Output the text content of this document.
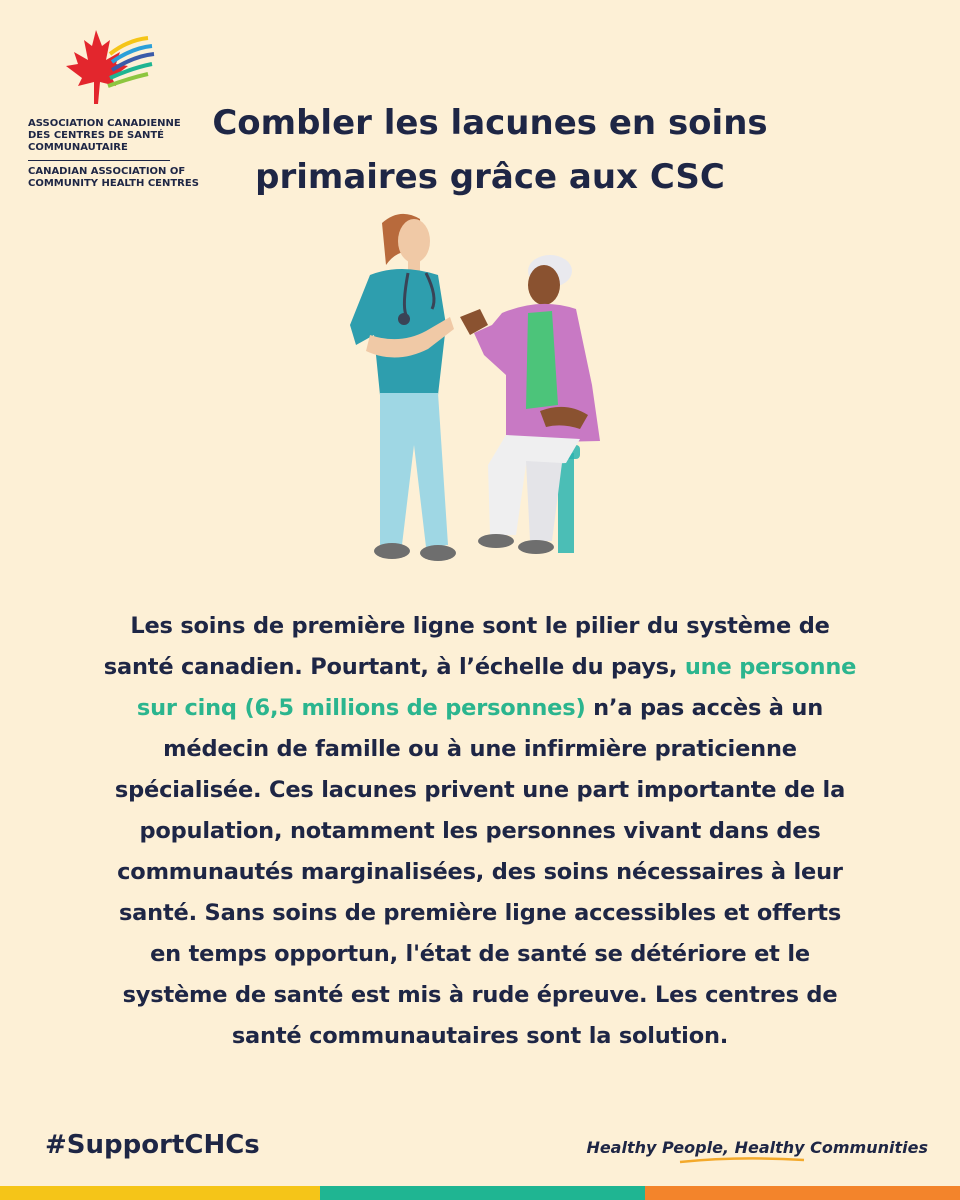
ASSOCIATION CANADIENNE DES CENTRES DE SANTÉ COMMUNAUTAIRE
CANADIAN ASSOCIATION OF COMMUNITY HEALTH CENTRES
Combler les lacunes en soins
primaires grâce aux CSC
Les soins de première ligne sont le pilier du système de santé canadien. Pourtant, à l’échelle du pays, une personne sur cinq (6,5 millions de personnes) n’a pas accès à un médecin de famille ou à une infirmière praticienne spécialisée. Ces lacunes privent une part importante de la population, notamment les personnes vivant dans des communautés marginalisées, des soins nécessaires à leur santé. Sans soins de première ligne accessibles et offerts en temps opportun, l'état de santé se détériore et le système de santé est mis à rude épreuve. Les centres de santé communautaires sont la solution.
#SupportCHCs	Healthy People, Healthy Communities
